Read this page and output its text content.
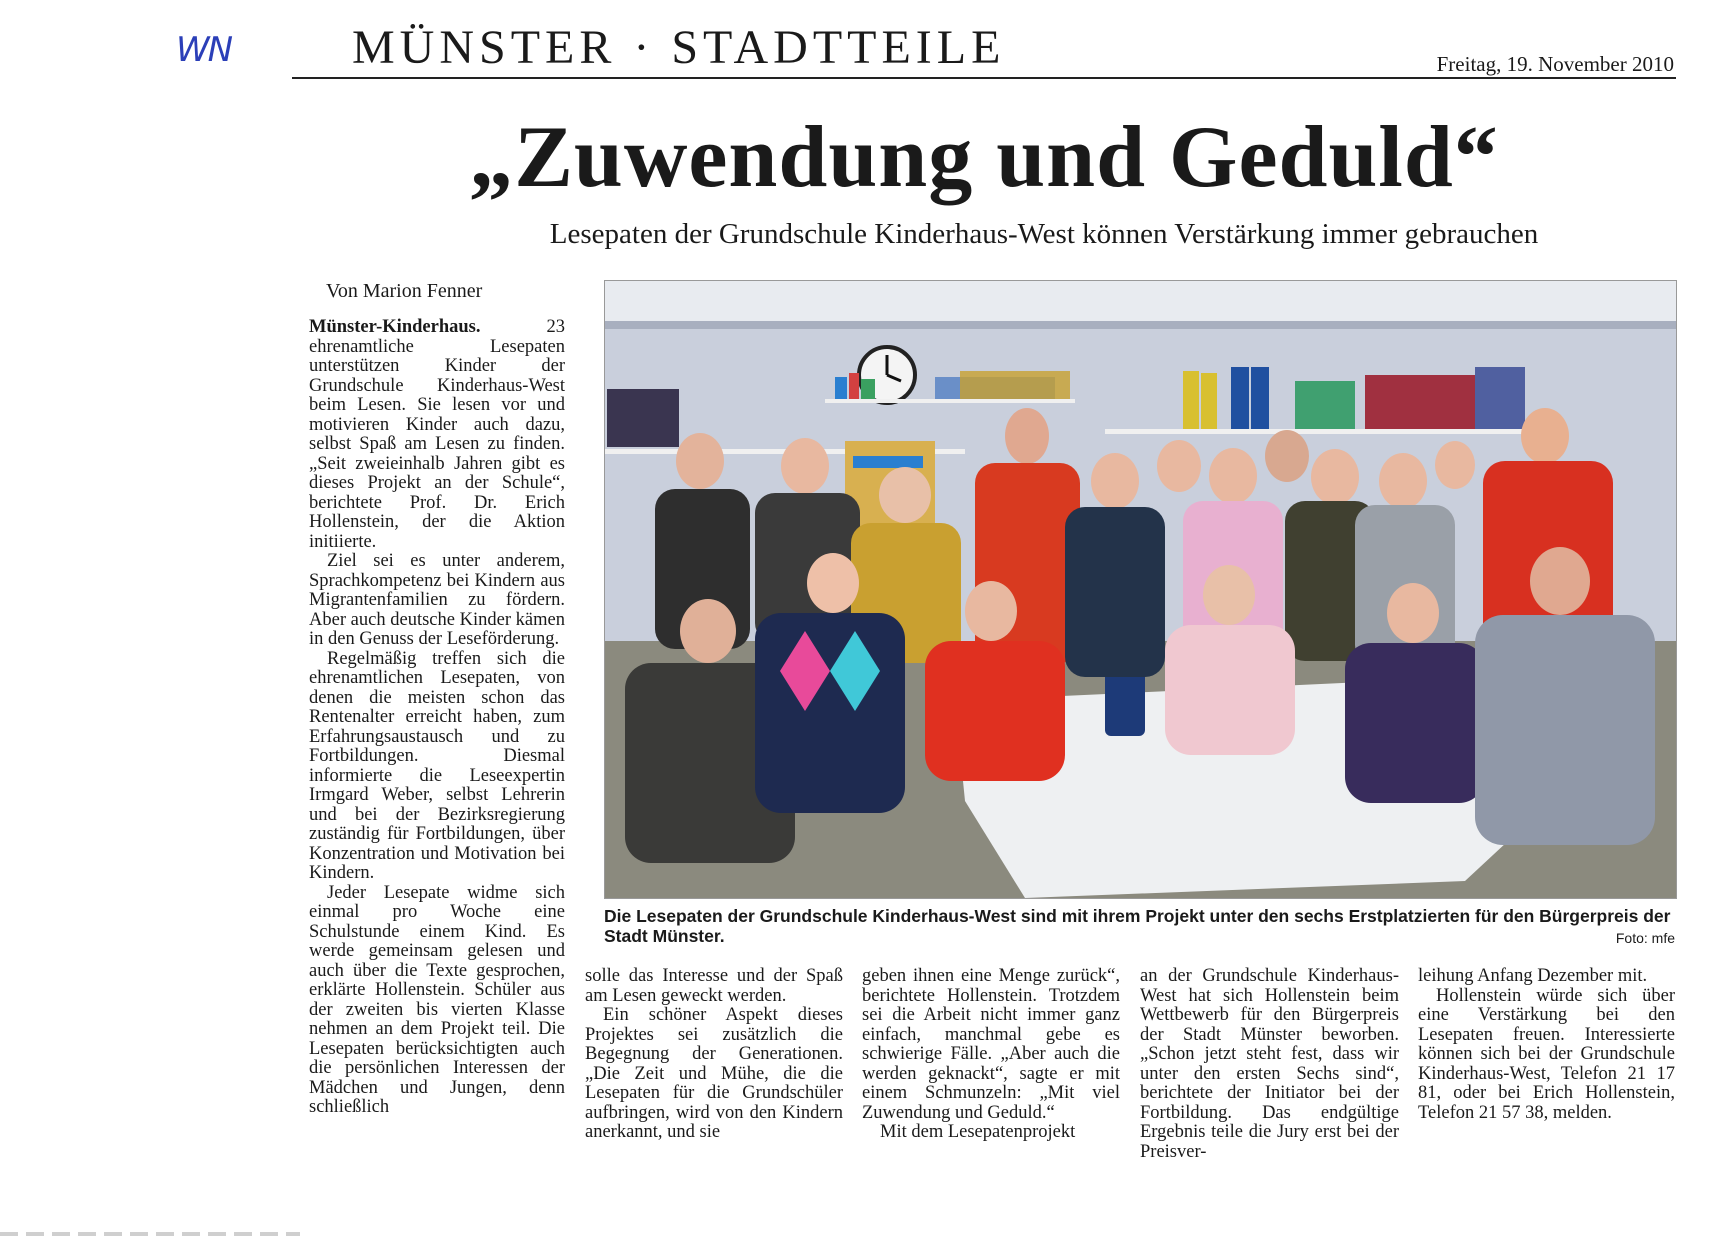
WN	MÜNSTER · STADTTEILE	Freitag, 19. November 2010
„Zuwendung und Geduld“
Lesepaten der Grundschule Kinderhaus-West können Verstärkung immer gebrauchen
Von Marion Fenner

Münster-Kinderhaus.	23 ehrenamtliche Lesepaten unterstützen Kinder der Grundschule Kinderhaus-West beim Lesen. Sie lesen vor und motivieren Kinder auch dazu, selbst Spaß am Lesen zu finden. „Seit zweieinhalb Jahren gibt es dieses Projekt an der Schule“, berichtete Prof. Dr. Erich Hollenstein, der die Aktion initiierte.

Ziel sei es unter anderem, Sprachkompetenz bei Kindern aus Migrantenfamilien zu fördern. Aber auch deutsche Kinder kämen in den Genuss der Leseförderung.

Regelmäßig treffen sich die ehrenamtlichen Lesepaten, von denen die meisten schon das Rentenalter erreicht haben, zum Erfahrungsaustausch und zu Fortbildungen. Diesmal informierte die Leseexpertin Irmgard Weber, selbst Lehrerin und bei der Bezirksregierung zuständig für Fortbildungen, über Konzentration und Motivation bei Kindern.

Jeder Lesepate widme sich einmal pro Woche eine Schulstunde einem Kind. Es werde gemeinsam gelesen und auch über die Texte gesprochen, erklärte Hollenstein. Schüler aus der zweiten bis vierten Klasse nehmen an dem Projekt teil. Die Lesepaten berücksichtigten auch die persönlichen Interessen der Mädchen und Jungen, denn schließlich

solle das Interesse und der Spaß am Lesen geweckt werden.

Ein schöner Aspekt dieses Projektes sei zusätzlich die Begegnung der Generationen. „Die Zeit und Mühe, die die Lesepaten für die Grundschüler aufbringen, wird von den Kindern anerkannt, und sie

geben ihnen eine Menge zurück“, berichtete Hollenstein. Trotzdem sei die Arbeit nicht immer ganz einfach, manchmal gebe es schwierige Fälle. „Aber auch die werden geknackt“, sagte er mit einem Schmunzeln: „Mit viel Zuwendung und Geduld.“

Mit dem Lesepatenprojekt

an der Grundschule Kinderhaus-West hat sich Hollenstein beim Wettbewerb für den Bürgerpreis der Stadt Münster beworben. „Schon jetzt steht fest, dass wir unter den ersten Sechs sind“, berichtete der Initiator bei der Fortbildung. Das endgültige Ergebnis teile die Jury erst bei der Preisver-

leihung Anfang Dezember mit.

Hollenstein würde sich über eine Verstärkung bei den Lesepaten freuen. Interessierte können sich bei der Grundschule Kinderhaus-West, Telefon 21 17 81, oder bei Erich Hollenstein, Telefon 21 57 38, melden.

Die Lesepaten der Grundschule Kinderhaus-West sind mit ihrem Projekt unter den sechs Erstplatzierten für den Bürgerpreis der Stadt Münster.	Foto: mfe
